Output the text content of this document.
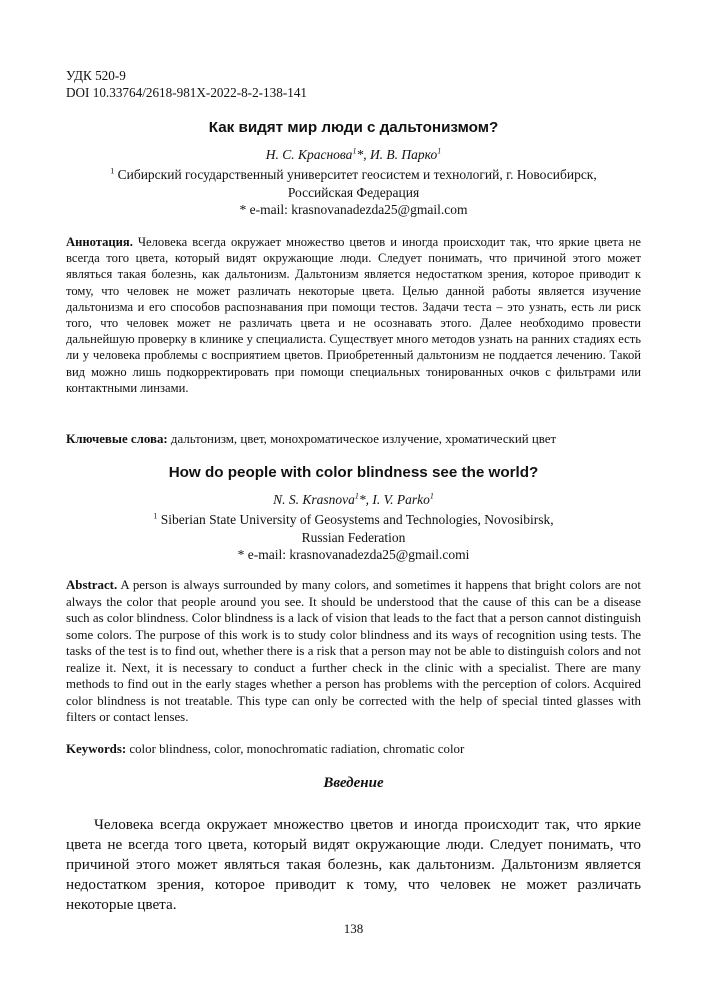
УДК 520-9
DOI 10.33764/2618-981X-2022-8-2-138-141
Как видят мир люди с дальтонизмом?
Н. С. Краснова$^1$*, И. В. Парко$^1$
$^1$ Сибирский государственный университет геосистем и технологий, г. Новосибирск,
Российская Федерация
* e-mail: krasnovanadezda25@gmail.com
Аннотация. Человека всегда окружает множество цветов и иногда происходит так, что яркие цвета не всегда того цвета, который видят окружающие люди. Следует понимать, что причиной этого может являться такая болезнь, как дальтонизм. Дальтонизм является недостатком зрения, которое приводит к тому, что человек не может различать некоторые цвета. Целью данной работы является изучение дальтонизма и его способов распознавания при помощи тестов. Задачи теста – это узнать, есть ли риск того, что человек может не различать цвета и не осознавать этого. Далее необходимо провести дальнейшую проверку в клинике у специалиста. Существует много методов узнать на ранних стадиях есть ли у человека проблемы с восприятием цветов. Приобретенный дальтонизм не поддается лечению. Такой вид можно лишь подкорректировать при помощи специальных тонированных очков с фильтрами или контактными линзами.
Ключевые слова: дальтонизм, цвет, монохроматическое излучение, хроматический цвет
How do people with color blindness see the world?
N. S. Krasnova$^1$*, I. V. Parko$^1$
$^1$ Siberian State University of Geosystems and Technologies, Novosibirsk,
Russian Federation
* e-mail: krasnovanadezda25@gmail.comi
Abstract. A person is always surrounded by many colors, and sometimes it happens that bright colors are not always the color that people around you see. It should be understood that the cause of this can be a disease such as color blindness. Color blindness is a lack of vision that leads to the fact that a person cannot distinguish some colors. The purpose of this work is to study color blindness and its ways of recognition using tests. The tasks of the test is to find out, whether there is a risk that a person may not be able to distinguish colors and not realize it. Next, it is necessary to conduct a further check in the clinic with a specialist. There are many methods to find out in the early stages whether a person has problems with the perception of colors. Acquired color blindness is not treatable. This type can only be corrected with the help of special tinted glasses with filters or contact lenses.
Keywords: color blindness, color, monochromatic radiation, chromatic color
Введение
Человека всегда окружает множество цветов и иногда происходит так, что яркие цвета не всегда того цвета, который видят окружающие люди. Следует понимать, что причиной этого может являться такая болезнь, как дальтонизм. Дальтонизм является недостатком зрения, которое приводит к тому, что человек не может различать некоторые цвета.
138
